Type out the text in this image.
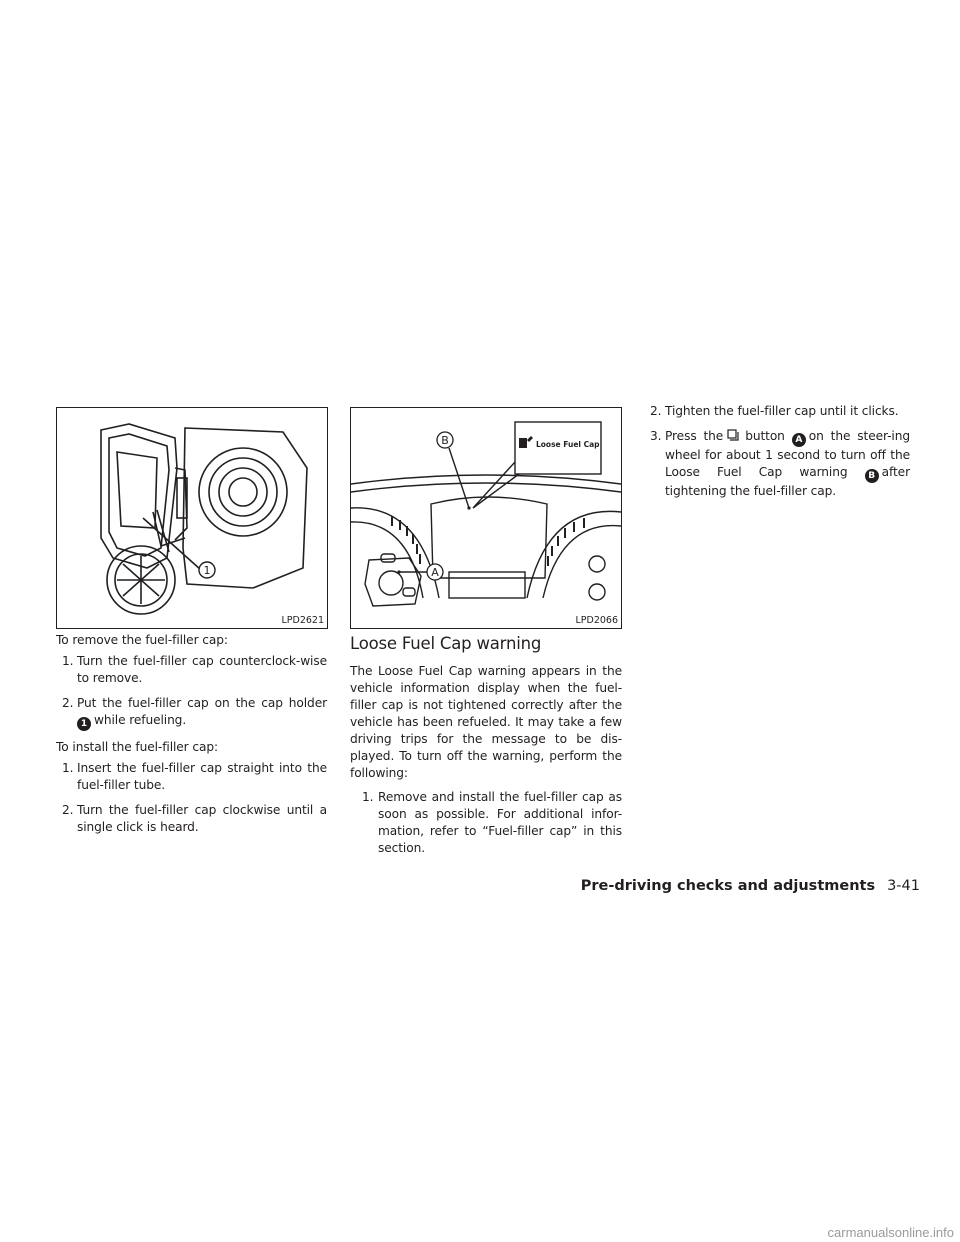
1
LPD2621
Loose Fuel Cap
B
A
LPD2066

To remove the fuel-filler cap:

1. Turn the fuel-filler cap counterclock-wise to remove.
2. Put the fuel-filler cap on the cap holder 1 while refueling.

To install the fuel-filler cap:

1. Insert the fuel-filler cap straight into the fuel-filler tube.
2. Turn the fuel-filler cap clockwise until a single click is heard.
Loose Fuel Cap warning

The Loose Fuel Cap warning appears in the vehicle information display when the fuel-filler cap is not tightened correctly after the vehicle has been refueled. It may take a few driving trips for the message to be dis-played. To turn off the warning, perform the following:

1. Remove and install the fuel-filler cap as soon as possible. For additional infor-mation, refer to “Fuel-filler cap” in this section.
2. Tighten the fuel-filler cap until it clicks.
3. Press the button A on the steer-ing wheel for about 1 second to turn off the Loose Fuel Cap warning B after tightening the fuel-filler cap.
Pre-driving checks and adjustments 3-41
carmanualsonline.info
